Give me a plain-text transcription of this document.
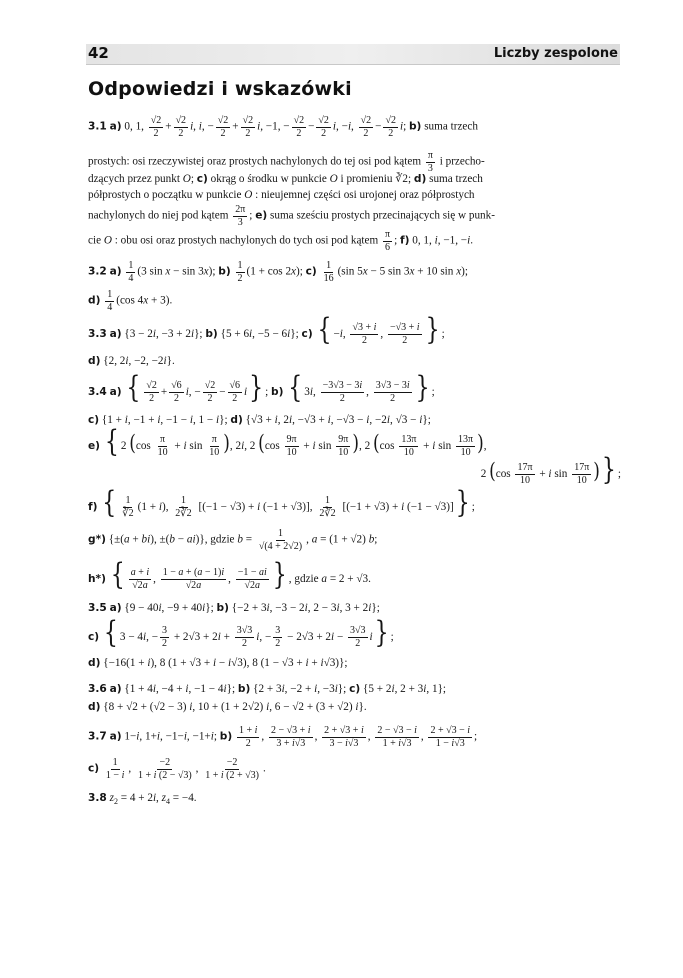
42	Liczby zespolone
Odpowiedzi i wskazówki
3.1 a) 0, 1, $\frac{√2}{2} + \frac{√2}{2} i$, i, − $\frac{√2}{2} + \frac{√2}{2} i$, −1, − $\frac{√2}{2} - \frac{√2}{2} i$, −i, $\frac{√2}{2} - \frac{√2}{2} i$; b) suma trzech
prostych: osi rzeczywistej oraz prostych nachylonych do tej osi pod kątem $\frac{\pi}{3}$ i przecho-
dzących przez punkt O; c) okrąg o środku w punkcie O i promieniu ∛2; d) suma trzech
półprostych o początku w punkcie O : nieujemnej części osi urojonej oraz półprostych
nachylonych do niej pod kątem $\frac{2\pi}{3}$ ; e) suma sześciu prostych przecinających się w punk-
cie O : obu osi oraz prostych nachylonych do tych osi pod kątem $\frac{\pi}{6}$ ; f) 0, 1, i, −1, −i.
3.2 $a) \frac{1}{4} (3$ sin x − sin 3x); $b) \frac{1}{2} (1 + \cos 2x)$; $c) \frac{1}{16} (\sin$ 5x − 5 sin 3x + 10 sin x);
$d) \frac{1}{4} (\cos$ 4x + 3).
3.3 a) {3 − 2i, −3 + 2i}; b) {5 + 6i, −5 − 6i}; c) { −i, $\frac{√3 + i}{2}$ , $\frac{-√3 + i}{2}$ } ;
d) {2, 2i, −2, −2i}.
3.4 a) { $\frac{√2}{2} + \frac{√6}{2} i$, − $\frac{√2}{2} - \frac{√6}{2} i$} ; b) { 3i, $\frac{-3√3 - 3i}{2}$ , $\frac{3√3 - 3i}{2}$ } ;
c) {1 + i, −1 + i, −1 − i, 1 − i}; d) {√3 + i, 2i, −√3 + i, −√3 − i, −2i, √3 − i};
e) { 2 ($\cos \frac{\pi}{10} + i$ $\sin \frac{\pi}{10}$ ), 2i, 2 ($\cos \frac{9\pi}{10} + i$ $\sin \frac{9\pi}{10}$ ), 2 ($\cos \frac{13\pi}{10} + i$ $\sin \frac{13\pi}{10}$ ),
2 ($\cos \frac{17\pi}{10} + i$ $\sin \frac{17\pi}{10}$ )} ;
f) { $\frac{1}{∛2} (1 + i)$, $\frac{1}{2∛2} [(-1 - √3) + i$ (−1 + √3)], $\frac{1}{2∛2} [(-1 + √3) + i$ (−1 − √3)]} ;
g*) {±(a + bi), ±(b − ai)}, gdzie $b = \frac{1}{√(4 + 2√2)}$ , a = (1 + √2) b;
h*) { $\frac{a + i}{√2a}$ , $\frac{1 - a + (a - 1)i}{√2a}$ , $\frac{-1 - ai}{√2a}$ } , gdzie a = 2 + √3.
3.5 a) {9 − 40i, −9 + 40i}; b) {−2 + 3i, −3 − 2i, 2 − 3i, 3 + 2i};
c) { 3 − 4i, − $\frac{3}{2} + 2√3 + 2i + \frac{3√3}{2} i$, − $\frac{3}{2} - 2√3 + 2i - \frac{3√3}{2} i$} ;
d) {−16(1 + i), 8 (1 + √3 + i − i√3), 8 (1 − √3 + i + i√3)};
3.6 a) {1 + 4i, −4 + i, −1 − 4i}; b) {2 + 3i, −2 + i, −3i}; c) {5 + 2i, 2 + 3i, 1};
d) {8 + √2 + (√2 − 3) i, 10 + (1 + 2√2) i, 6 − √2 + (3 + √2) i}.
3.7 a) 1−i, 1+i, −1−i, −1+i; $b) \frac{1 + i}{2}$ , $\frac{2 - √3 + i}{3 + i√3}$ , $\frac{2 + √3 + i}{3 - i√3}$ , $\frac{2 - √3 - i}{1 + i√3}$ , $\frac{2 + √3 - i}{1 - i√3}$ ;
$c) \frac{1}{1 - i}$ , $\frac{-2}{1 + i (2 - √3)}$ , $\frac{-2}{1 + i (2 + √3)}$ .
3.8 $z_2 = 4 + 2i$, $z_4 = -4$.
